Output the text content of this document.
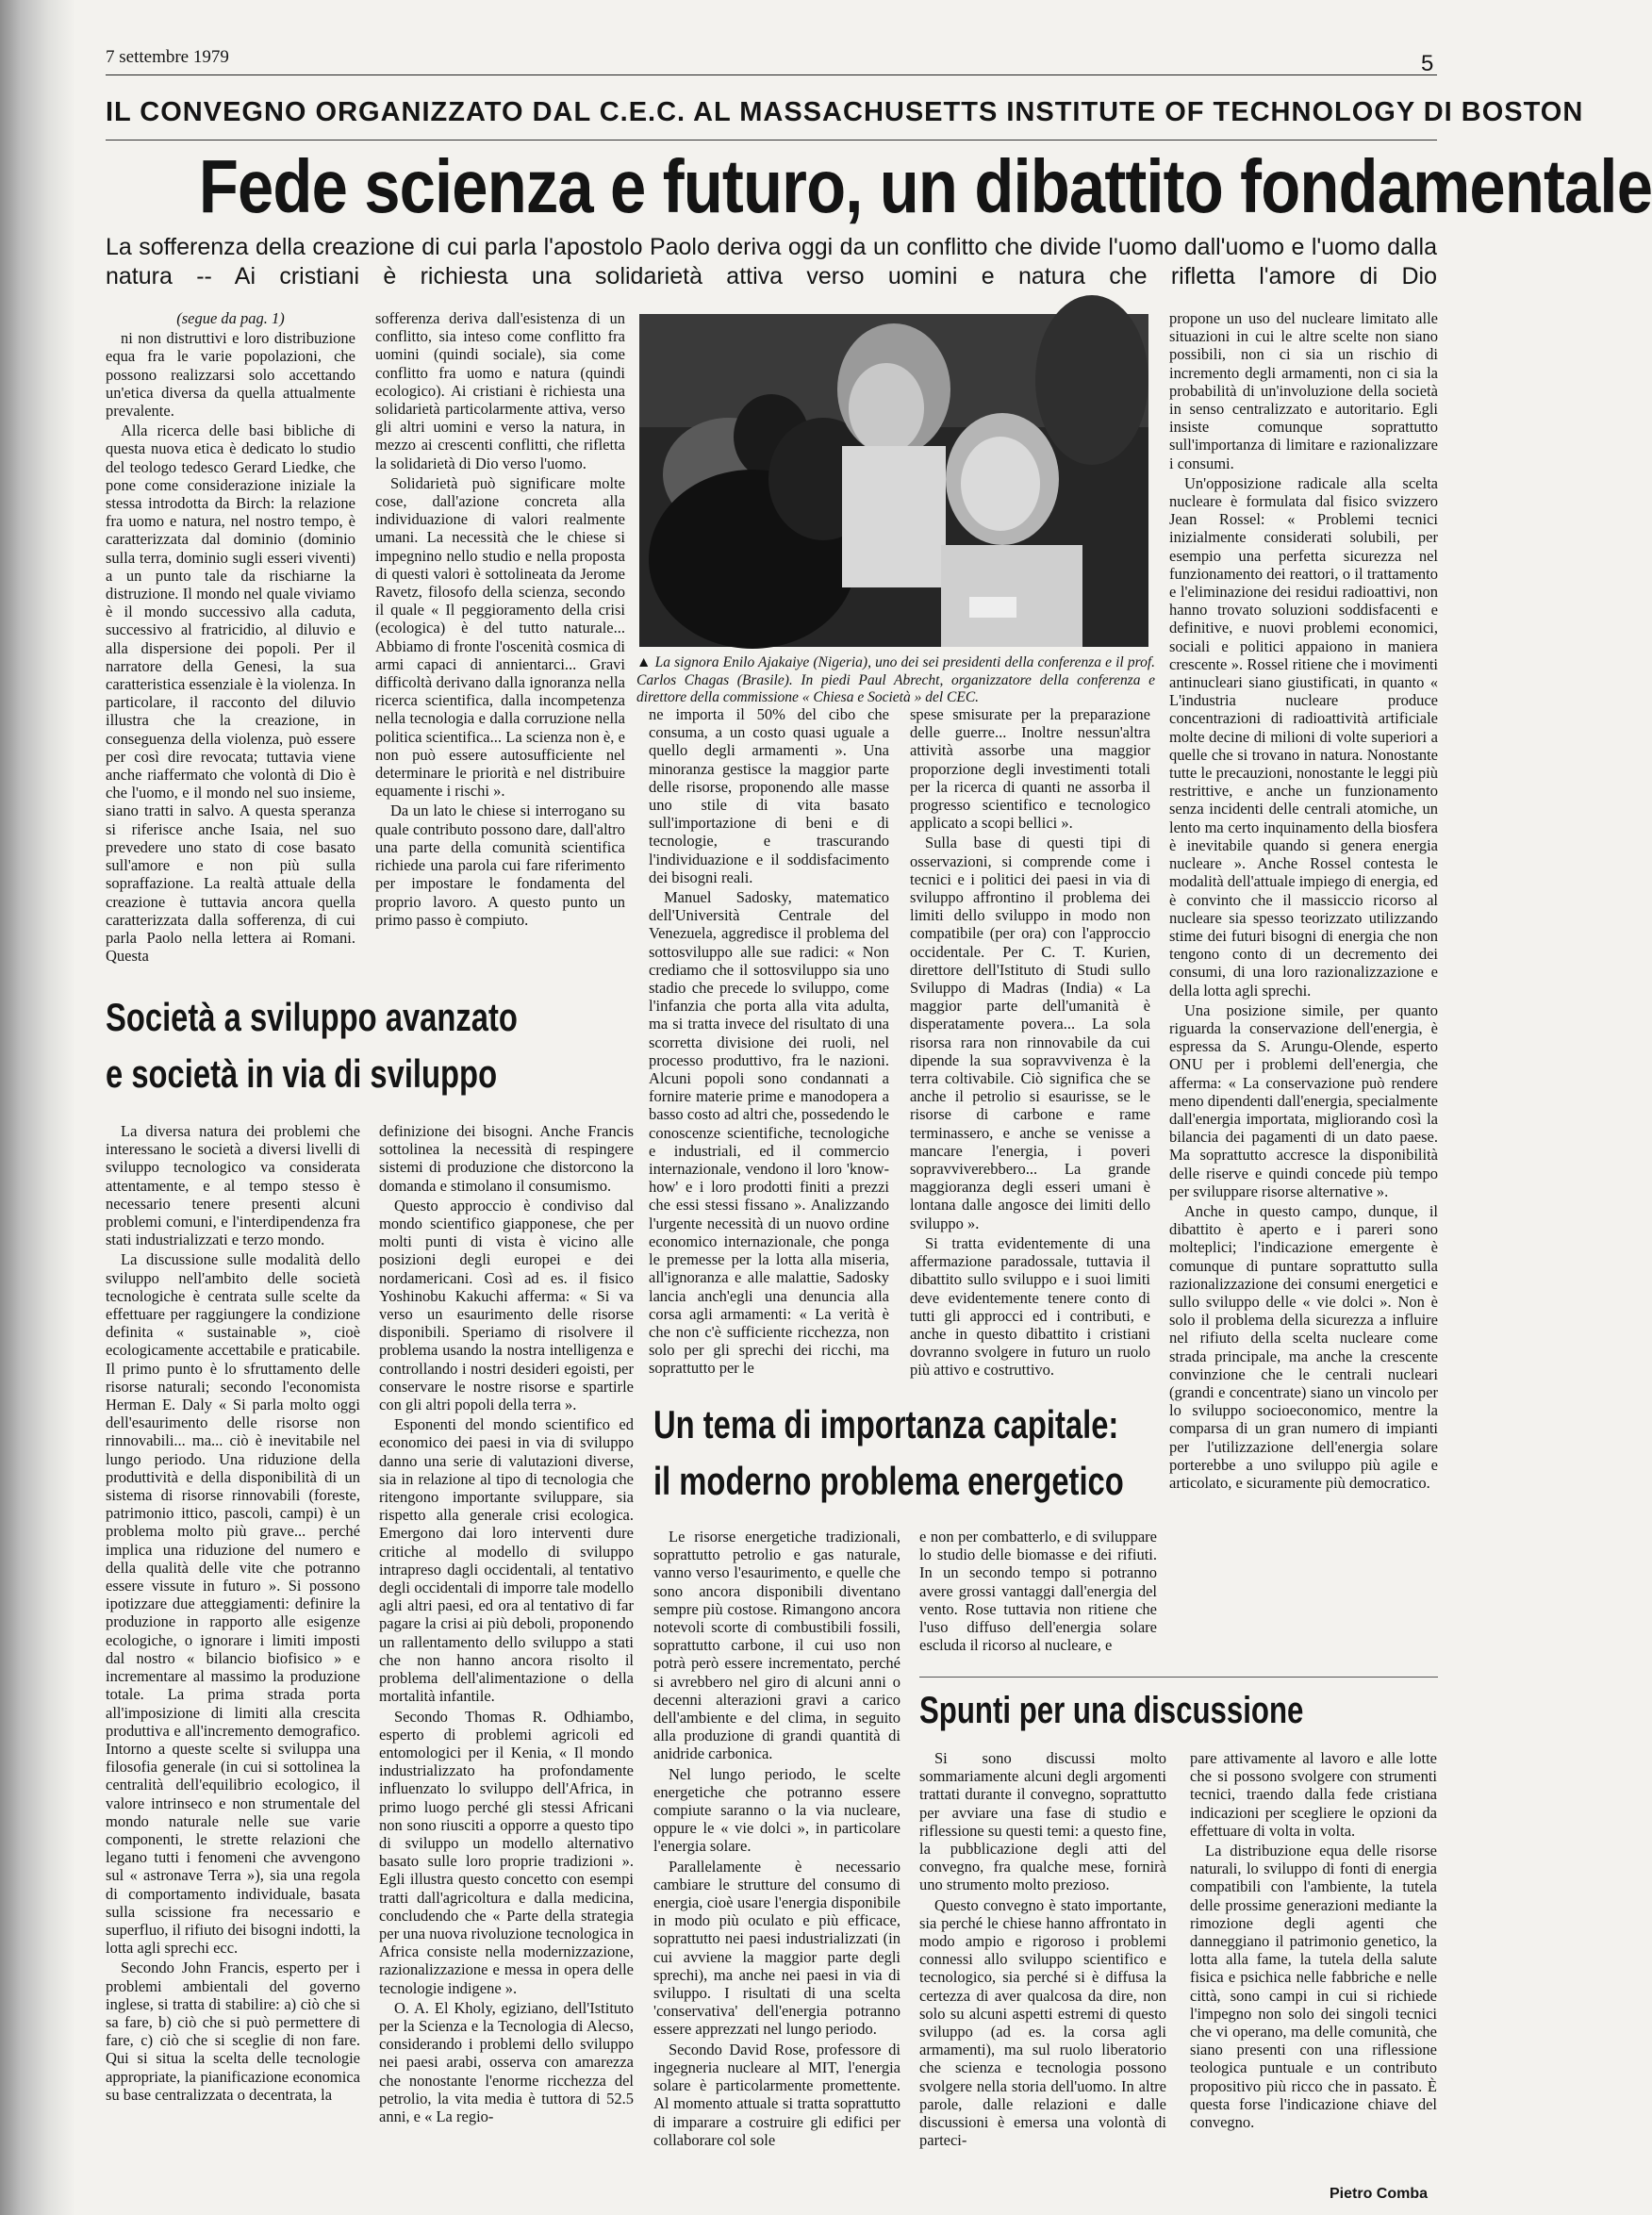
7 settembre 1979	5
IL CONVEGNO ORGANIZZATO DAL C.E.C. AL MASSACHUSETTS INSTITUTE OF TECHNOLOGY DI BOSTON
Fede scienza e futuro, un dibattito fondamentale
La sofferenza della creazione di cui parla l'apostolo Paolo deriva oggi da un conflitto che divide l'uomo dall'uomo e l'uomo dalla natura -- Ai cristiani è richiesta una solidarietà attiva verso uomini e natura che rifletta l'amore di Dio

(segue da pag. 1)

ni non distruttivi e loro distribuzione equa fra le varie popolazioni, che possono realizzarsi solo accettando un'etica diversa da quella attualmente prevalente.

Alla ricerca delle basi bibliche di questa nuova etica è dedicato lo studio del teologo tedesco Gerard Liedke, che pone come considerazione iniziale la stessa introdotta da Birch: la relazione fra uomo e natura, nel nostro tempo, è caratterizzata dal dominio (dominio sulla terra, dominio sugli esseri viventi) a un punto tale da rischiarne la distruzione. Il mondo nel quale viviamo è il mondo successivo alla caduta, successivo al fratricidio, al diluvio e alla dispersione dei popoli. Per il narratore della Genesi, la sua caratteristica essenziale è la violenza. In particolare, il racconto del diluvio illustra che la creazione, in conseguenza della violenza, può essere per così dire revocata; tuttavia viene anche riaffermato che volontà di Dio è che l'uomo, e il mondo nel suo insieme, siano tratti in salvo. A questa speranza si riferisce anche Isaia, nel suo prevedere uno stato di cose basato sull'amore e non più sulla sopraffazione. La realtà attuale della creazione è tuttavia ancora quella caratterizzata dalla sofferenza, di cui parla Paolo nella lettera ai Romani. Questa

sofferenza deriva dall'esistenza di un conflitto, sia inteso come conflitto fra uomini (quindi sociale), sia come conflitto fra uomo e natura (quindi ecologico). Ai cristiani è richiesta una solidarietà particolarmente attiva, verso gli altri uomini e verso la natura, in mezzo ai crescenti conflitti, che rifletta la solidarietà di Dio verso l'uomo.

Solidarietà può significare molte cose, dall'azione concreta alla individuazione di valori realmente umani. La necessità che le chiese si impegnino nello studio e nella proposta di questi valori è sottolineata da Jerome Ravetz, filosofo della scienza, secondo il quale « Il peggioramento della crisi (ecologica) è del tutto naturale... Abbiamo di fronte l'oscenità cosmica di armi capaci di annientarci... Gravi difficoltà derivano dalla ignoranza nella ricerca scientifica, dalla incompetenza nella tecnologia e dalla corruzione nella politica scientifica... La scienza non è, e non può essere autosufficiente nel determinare le priorità e nel distribuire equamente i rischi ».

Da un lato le chiese si interrogano su quale contributo possono dare, dall'altro una parte della comunità scientifica richiede una parola cui fare riferimento per impostare le fondamenta del proprio lavoro. A questo punto un primo passo è compiuto.

▲ La signora Enilo Ajakaiye (Nigeria), uno dei sei presidenti della conferenza e il prof. Carlos Chagas (Brasile). In piedi Paul Abrecht, organizzatore della conferenza e direttore della commissione « Chiesa e Società » del CEC.

propone un uso del nucleare limitato alle situazioni in cui le altre scelte non siano possibili, non ci sia un rischio di incremento degli armamenti, non ci sia la probabilità di un'involuzione della società in senso centralizzato e autoritario. Egli insiste comunque soprattutto sull'importanza di limitare e razionalizzare i consumi.

Un'opposizione radicale alla scelta nucleare è formulata dal fisico svizzero Jean Rossel: « Problemi tecnici inizialmente considerati solubili, per esempio una perfetta sicurezza nel funzionamento dei reattori, o il trattamento e l'eliminazione dei residui radioattivi, non hanno trovato soluzioni soddisfacenti e definitive, e nuovi problemi economici, sociali e politici appaiono in maniera crescente ». Rossel ritiene che i movimenti antinucleari siano giustificati, in quanto « L'industria nucleare produce concentrazioni di radioattività artificiale molte decine di milioni di volte superiori a quelle che si trovano in natura. Nonostante tutte le precauzioni, nonostante le leggi più restrittive, e anche un funzionamento senza incidenti delle centrali atomiche, un lento ma certo inquinamento della biosfera è inevitabile quando si genera energia nucleare ». Anche Rossel contesta le modalità dell'attuale impiego di energia, ed è convinto che il massiccio ricorso al nucleare sia spesso teorizzato utilizzando stime dei futuri bisogni di energia che non tengono conto di un decremento dei consumi, di una loro razionalizzazione e della lotta agli sprechi.

Una posizione simile, per quanto riguarda la conservazione dell'energia, è espressa da S. Arungu-Olende, esperto ONU per i problemi dell'energia, che afferma: « La conservazione può rendere meno dipendenti dall'energia, specialmente dall'energia importata, migliorando così la bilancia dei pagamenti di un dato paese. Ma soprattutto accresce la disponibilità delle riserve e quindi concede più tempo per sviluppare risorse alternative ».

Anche in questo campo, dunque, il dibattito è aperto e i pareri sono molteplici; l'indicazione emergente è comunque di puntare soprattutto sulla razionalizzazione dei consumi energetici e sullo sviluppo delle « vie dolci ». Non è solo il problema della sicurezza a influire nel rifiuto della scelta nucleare come strada principale, ma anche la crescente convinzione che le centrali nucleari (grandi e concentrate) siano un vincolo per lo sviluppo socioeconomico, mentre la comparsa di un gran numero di impianti per l'utilizzazione dell'energia solare porterebbe a uno sviluppo più agile e articolato, e sicuramente più democratico.

ne importa il 50% del cibo che consuma, a un costo quasi uguale a quello degli armamenti ». Una minoranza gestisce la maggior parte delle risorse, proponendo alle masse uno stile di vita basato sull'importazione di beni e di tecnologie, e trascurando l'individuazione e il soddisfacimento dei bisogni reali.

Manuel Sadosky, matematico dell'Università Centrale del Venezuela, aggredisce il problema del sottosviluppo alle sue radici: « Non crediamo che il sottosviluppo sia uno stadio che precede lo sviluppo, come l'infanzia che porta alla vita adulta, ma si tratta invece del risultato di una scorretta divisione dei ruoli, nel processo produttivo, fra le nazioni. Alcuni popoli sono condannati a fornire materie prime e manodopera a basso costo ad altri che, possedendo le conoscenze scientifiche, tecnologiche e industriali, ed il commercio internazionale, vendono il loro 'know-how' e i loro prodotti finiti a prezzi che essi stessi fissano ». Analizzando l'urgente necessità di un nuovo ordine economico internazionale, che ponga le premesse per la lotta alla miseria, all'ignoranza e alle malattie, Sadosky lancia anch'egli una denuncia alla corsa agli armamenti: « La verità è che non c'è sufficiente ricchezza, non solo per gli sprechi dei ricchi, ma soprattutto per le

spese smisurate per la preparazione delle guerre... Inoltre nessun'altra attività assorbe una maggior proporzione degli investimenti totali per la ricerca di quanti ne assorba il progresso scientifico e tecnologico applicato a scopi bellici ».

Sulla base di questi tipi di osservazioni, si comprende come i tecnici e i politici dei paesi in via di sviluppo affrontino il problema dei limiti dello sviluppo in modo non compatibile (per ora) con l'approccio occidentale. Per C. T. Kurien, direttore dell'Istituto di Studi sullo Sviluppo di Madras (India) « La maggior parte dell'umanità è disperatamente povera... La sola risorsa rara non rinnovabile da cui dipende la sua sopravvivenza è la terra coltivabile. Ciò significa che se anche il petrolio si esaurisse, se le risorse di carbone e rame terminassero, e anche se venisse a mancare l'energia, i poveri sopravviverebbero... La grande maggioranza degli esseri umani è lontana dalle angosce dei limiti dello sviluppo ».

Si tratta evidentemente di una affermazione paradossale, tuttavia il dibattito sullo sviluppo e i suoi limiti deve evidentemente tenere conto di tutti gli approcci ed i contributi, e anche in questo dibattito i cristiani dovranno svolgere in futuro un ruolo più attivo e costruttivo.

Società a sviluppo avanzato
e società in via di sviluppo

La diversa natura dei problemi che interessano le società a diversi livelli di sviluppo tecnologico va considerata attentamente, e al tempo stesso è necessario tenere presenti alcuni problemi comuni, e l'interdipendenza fra stati industrializzati e terzo mondo.

La discussione sulle modalità dello sviluppo nell'ambito delle società tecnologiche è centrata sulle scelte da effettuare per raggiungere la condizione definita « sustainable », cioè ecologicamente accettabile e praticabile. Il primo punto è lo sfruttamento delle risorse naturali; secondo l'economista Herman E. Daly « Si parla molto oggi dell'esaurimento delle risorse non rinnovabili... ma... ciò è inevitabile nel lungo periodo. Una riduzione della produttività e della disponibilità di un sistema di risorse rinnovabili (foreste, patrimonio ittico, pascoli, campi) è un problema molto più grave... perché implica una riduzione del numero e della qualità delle vite che potranno essere vissute in futuro ». Si possono ipotizzare due atteggiamenti: definire la produzione in rapporto alle esigenze ecologiche, o ignorare i limiti imposti dal nostro « bilancio biofisico » e incrementare al massimo la produzione totale. La prima strada porta all'imposizione di limiti alla crescita produttiva e all'incremento demografico. Intorno a queste scelte si sviluppa una filosofia generale (in cui si sottolinea la centralità dell'equilibrio ecologico, il valore intrinseco e non strumentale del mondo naturale nelle sue varie componenti, le strette relazioni che legano tutti i fenomeni che avvengono sul « astronave Terra »), sia una regola di comportamento individuale, basata sulla scissione fra necessario e superfluo, il rifiuto dei bisogni indotti, la lotta agli sprechi ecc.

Secondo John Francis, esperto per i problemi ambientali del governo inglese, si tratta di stabilire: a) ciò che si sa fare, b) ciò che si può permettere di fare, c) ciò che si sceglie di non fare. Qui si situa la scelta delle tecnologie appropriate, la pianificazione economica su base centralizzata o decentrata, la

definizione dei bisogni. Anche Francis sottolinea la necessità di respingere sistemi di produzione che distorcono la domanda e stimolano il consumismo.

Questo approccio è condiviso dal mondo scientifico giapponese, che per molti punti di vista è vicino alle posizioni degli europei e dei nordamericani. Così ad es. il fisico Yoshinobu Kakuchi afferma: « Si va verso un esaurimento delle risorse disponibili. Speriamo di risolvere il problema usando la nostra intelligenza e controllando i nostri desideri egoisti, per conservare le nostre risorse e spartirle con gli altri popoli della terra ».

Esponenti del mondo scientifico ed economico dei paesi in via di sviluppo danno una serie di valutazioni diverse, sia in relazione al tipo di tecnologia che ritengono importante sviluppare, sia rispetto alla generale crisi ecologica. Emergono dai loro interventi dure critiche al modello di sviluppo intrapreso dagli occidentali, al tentativo degli occidentali di imporre tale modello agli altri paesi, ed ora al tentativo di far pagare la crisi ai più deboli, proponendo un rallentamento dello sviluppo a stati che non hanno ancora risolto il problema dell'alimentazione o della mortalità infantile.

Secondo Thomas R. Odhiambo, esperto di problemi agricoli ed entomologici per il Kenia, « Il mondo industrializzato ha profondamente influenzato lo sviluppo dell'Africa, in primo luogo perché gli stessi Africani non sono riusciti a opporre a questo tipo di sviluppo un modello alternativo basato sulle loro proprie tradizioni ». Egli illustra questo concetto con esempi tratti dall'agricoltura e dalla medicina, concludendo che « Parte della strategia per una nuova rivoluzione tecnologica in Africa consiste nella modernizzazione, razionalizzazione e messa in opera delle tecnologie indigene ».

O. A. El Kholy, egiziano, dell'Istituto per la Scienza e la Tecnologia di Alecso, considerando i problemi dello sviluppo nei paesi arabi, osserva con amarezza che nonostante l'enorme ricchezza del petrolio, la vita media è tuttora di 52.5 anni, e « La regio-

Un tema di importanza capitale:
il moderno problema energetico

Le risorse energetiche tradizionali, soprattutto petrolio e gas naturale, vanno verso l'esaurimento, e quelle che sono ancora disponibili diventano sempre più costose. Rimangono ancora notevoli scorte di combustibili fossili, soprattutto carbone, il cui uso non potrà però essere incrementato, perché si avrebbero nel giro di alcuni anni o decenni alterazioni gravi a carico dell'ambiente e del clima, in seguito alla produzione di grandi quantità di anidride carbonica.

Nel lungo periodo, le scelte energetiche che potranno essere compiute saranno o la via nucleare, oppure le « vie dolci », in particolare l'energia solare.

Parallelamente è necessario cambiare le strutture del consumo di energia, cioè usare l'energia disponibile in modo più oculato e più efficace, soprattutto nei paesi industrializzati (in cui avviene la maggior parte degli sprechi), ma anche nei paesi in via di sviluppo. I risultati di una scelta 'conservativa' dell'energia potranno essere apprezzati nel lungo periodo.

Secondo David Rose, professore di ingegneria nucleare al MIT, l'energia solare è particolarmente promettente. Al momento attuale si tratta soprattutto di imparare a costruire gli edifici per collaborare col sole

e non per combatterlo, e di sviluppare lo studio delle biomasse e dei rifiuti. In un secondo tempo si potranno avere grossi vantaggi dall'energia del vento. Rose tuttavia non ritiene che l'uso diffuso dell'energia solare escluda il ricorso al nucleare, e

Spunti per una discussione

Si sono discussi molto sommariamente alcuni degli argomenti trattati durante il convegno, soprattutto per avviare una fase di studio e riflessione su questi temi: a questo fine, la pubblicazione degli atti del convegno, fra qualche mese, fornirà uno strumento molto prezioso.

Questo convegno è stato importante, sia perché le chiese hanno affrontato in modo ampio e rigoroso i problemi connessi allo sviluppo scientifico e tecnologico, sia perché si è diffusa la certezza di aver qualcosa da dire, non solo su alcuni aspetti estremi di questo sviluppo (ad es. la corsa agli armamenti), ma sul ruolo liberatorio che scienza e tecnologia possono svolgere nella storia dell'uomo. In altre parole, dalle relazioni e dalle discussioni è emersa una volontà di parteci-

pare attivamente al lavoro e alle lotte che si possono svolgere con strumenti tecnici, traendo dalla fede cristiana indicazioni per scegliere le opzioni da effettuare di volta in volta.

La distribuzione equa delle risorse naturali, lo sviluppo di fonti di energia compatibili con l'ambiente, la tutela delle prossime generazioni mediante la rimozione degli agenti che danneggiano il patrimonio genetico, la lotta alla fame, la tutela della salute fisica e psichica nelle fabbriche e nelle città, sono campi in cui si richiede l'impegno non solo dei singoli tecnici che vi operano, ma delle comunità, che siano presenti con una riflessione teologica puntuale e un contributo propositivo più ricco che in passato. È questa forse l'indicazione chiave del convegno.

Pietro Comba
